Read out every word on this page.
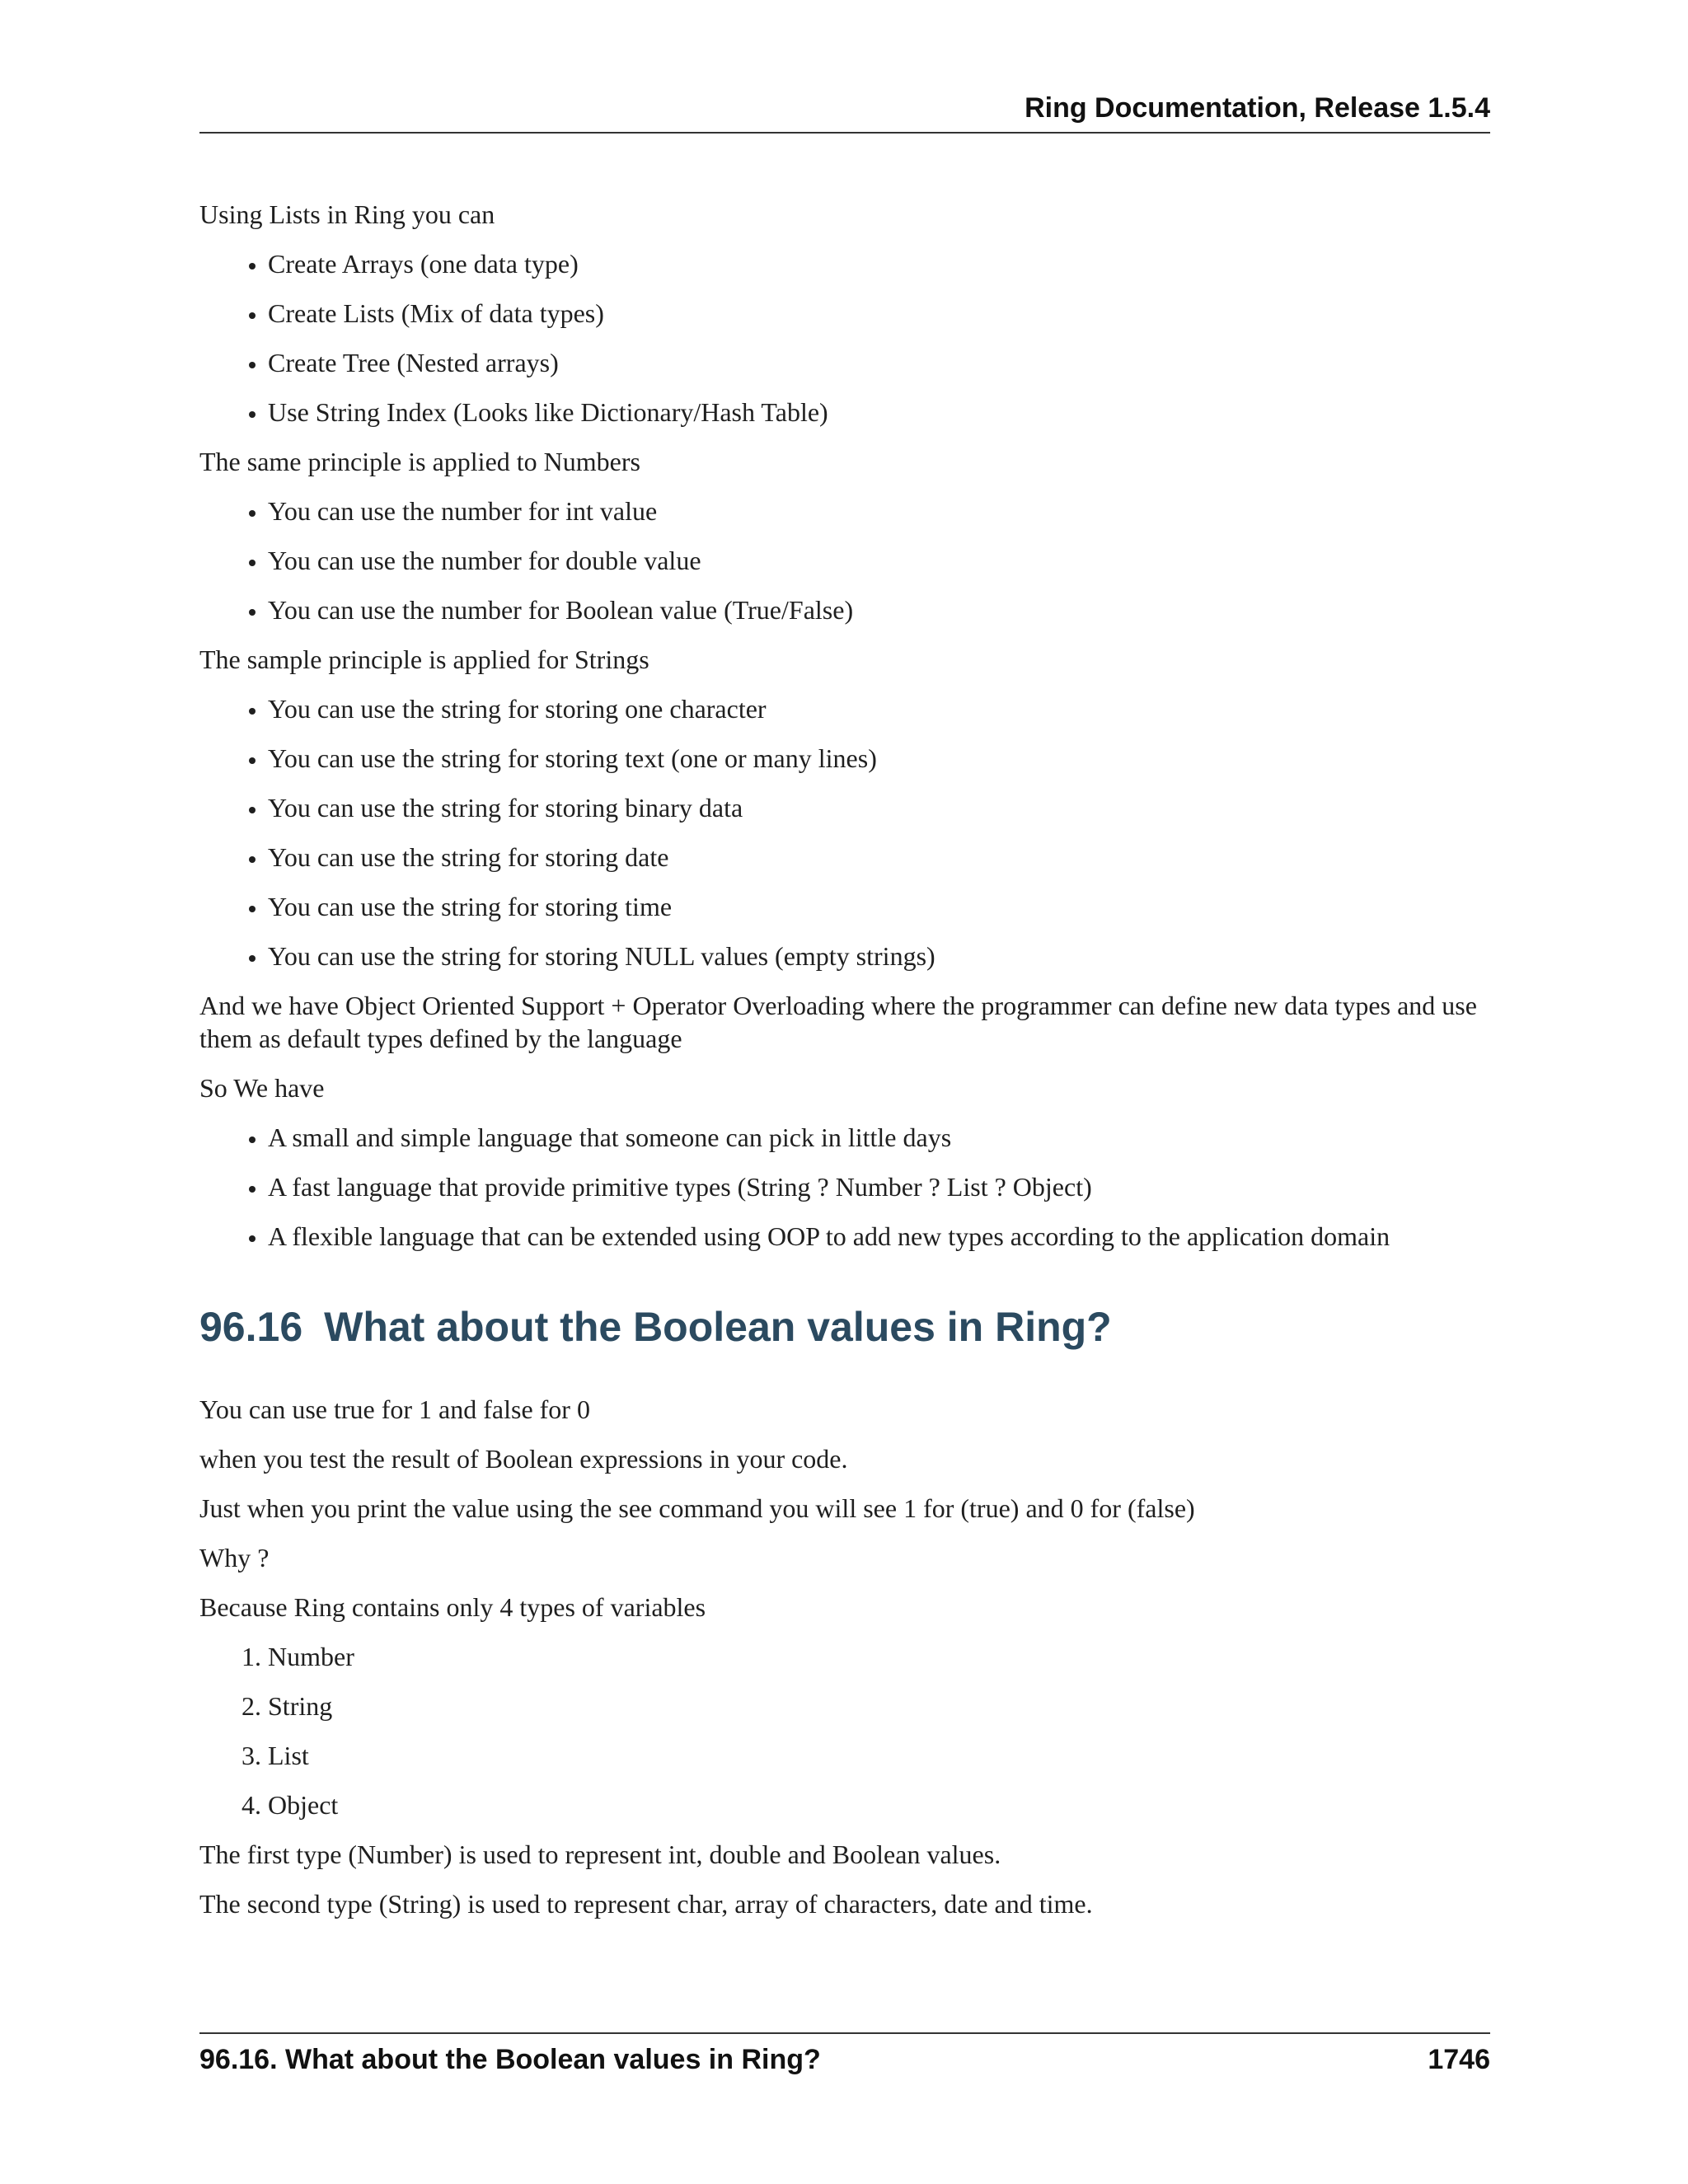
Ring Documentation, Release 1.5.4

Using Lists in Ring you can

• Create Arrays (one data type)
• Create Lists (Mix of data types)
• Create Tree (Nested arrays)
• Use String Index (Looks like Dictionary/Hash Table)

The same principle is applied to Numbers

• You can use the number for int value
• You can use the number for double value
• You can use the number for Boolean value (True/False)

The sample principle is applied for Strings

• You can use the string for storing one character
• You can use the string for storing text (one or many lines)
• You can use the string for storing binary data
• You can use the string for storing date
• You can use the string for storing time
• You can use the string for storing NULL values (empty strings)

And we have Object Oriented Support + Operator Overloading where the programmer can define new data types and use them as default types defined by the language

So We have

• A small and simple language that someone can pick in little days
• A fast language that provide primitive types (String ? Number ? List ? Object)
• A flexible language that can be extended using OOP to add new types according to the application domain
96.16 What about the Boolean values in Ring?

You can use true for 1 and false for 0

when you test the result of Boolean expressions in your code.

Just when you print the value using the see command you will see 1 for (true) and 0 for (false)

Why ?

Because Ring contains only 4 types of variables

1. Number
2. String
3. List
4. Object

The first type (Number) is used to represent int, double and Boolean values.

The second type (String) is used to represent char, array of characters, date and time.

96.16. What about the Boolean values in Ring?	1746
